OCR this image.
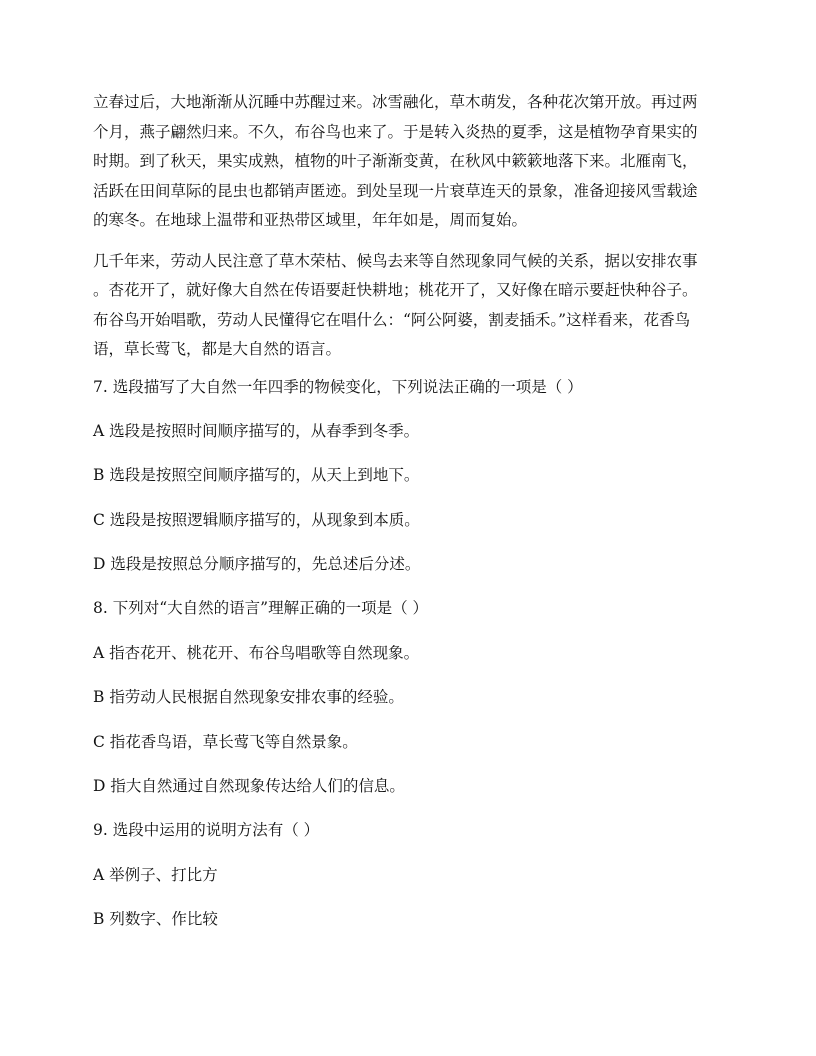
立春过后，大地渐渐从沉睡中苏醒过来。冰雪融化，草木萌发，各种花次第开放。再过两

个月，燕子翩然归来。不久，布谷鸟也来了。于是转入炎热的夏季，这是植物孕育果实的

时期。到了秋天，果实成熟，植物的叶子渐渐变黄，在秋风中簌簌地落下来。北雁南飞，

活跃在田间草际的昆虫也都销声匿迹。到处呈现一片衰草连天的景象，准备迎接风雪载途

的寒冬。在地球上温带和亚热带区域里，年年如是，周而复始。

几千年来，劳动人民注意了草木荣枯、候鸟去来等自然现象同气候的关系，据以安排农事

。杏花开了，就好像大自然在传语要赶快耕地；桃花开了，又好像在暗示要赶快种谷子。

布谷鸟开始唱歌，劳动人民懂得它在唱什么：“阿公阿婆，割麦插禾。”这样看来，花香鸟

语，草长莺飞，都是大自然的语言。

7. 选段描写了大自然一年四季的物候变化，下列说法正确的一项是（ ）

A 选段是按照时间顺序描写的，从春季到冬季。

B 选段是按照空间顺序描写的，从天上到地下。

C 选段是按照逻辑顺序描写的，从现象到本质。

D 选段是按照总分顺序描写的，先总述后分述。

8. 下列对“大自然的语言”理解正确的一项是（ ）

A 指杏花开、桃花开、布谷鸟唱歌等自然现象。

B 指劳动人民根据自然现象安排农事的经验。

C 指花香鸟语，草长莺飞等自然景象。

D 指大自然通过自然现象传达给人们的信息。

9. 选段中运用的说明方法有（ ）

A 举例子、打比方

B 列数字、作比较
